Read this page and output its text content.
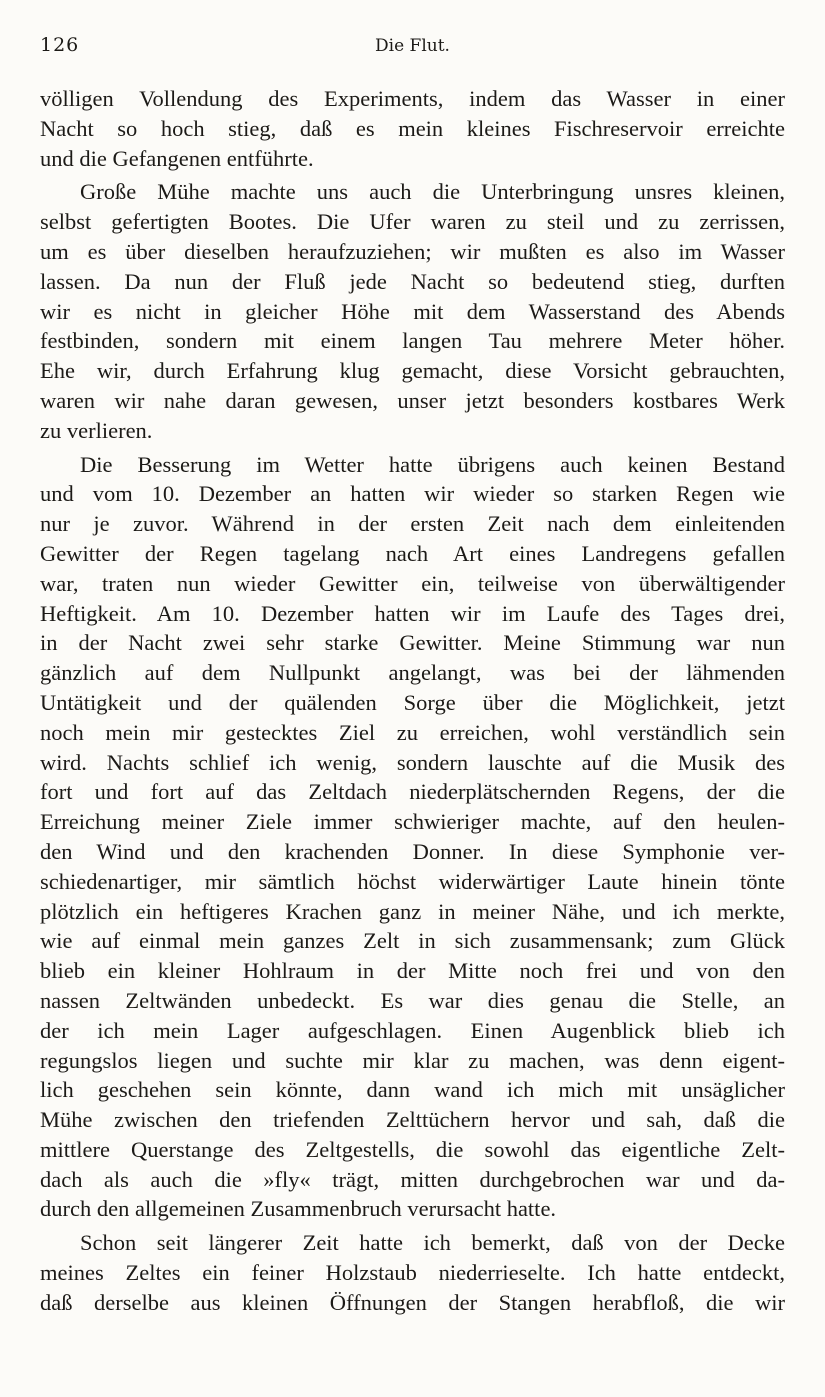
126	Die Flut.
völligen Vollendung des Experiments, indem das Wasser in einer
Nacht so hoch stieg, daß es mein kleines Fischreservoir erreichte
und die Gefangenen entführte.
Große Mühe machte uns auch die Unterbringung unsres kleinen,
selbst gefertigten Bootes. Die Ufer waren zu steil und zu zerrissen,
um es über dieselben heraufzuziehen; wir mußten es also im Wasser
lassen. Da nun der Fluß jede Nacht so bedeutend stieg, durften
wir es nicht in gleicher Höhe mit dem Wasserstand des Abends
festbinden, sondern mit einem langen Tau mehrere Meter höher.
Ehe wir, durch Erfahrung klug gemacht, diese Vorsicht gebrauchten,
waren wir nahe daran gewesen, unser jetzt besonders kostbares Werk
zu verlieren.
Die Besserung im Wetter hatte übrigens auch keinen Bestand
und vom 10. Dezember an hatten wir wieder so starken Regen wie
nur je zuvor. Während in der ersten Zeit nach dem einleitenden
Gewitter der Regen tagelang nach Art eines Landregens gefallen
war, traten nun wieder Gewitter ein, teilweise von überwältigender
Heftigkeit. Am 10. Dezember hatten wir im Laufe des Tages drei,
in der Nacht zwei sehr starke Gewitter. Meine Stimmung war nun
gänzlich auf dem Nullpunkt angelangt, was bei der lähmenden
Untätigkeit und der quälenden Sorge über die Möglichkeit, jetzt
noch mein mir gestecktes Ziel zu erreichen, wohl verständlich sein
wird. Nachts schlief ich wenig, sondern lauschte auf die Musik des
fort und fort auf das Zeltdach niederplätschernden Regens, der die
Erreichung meiner Ziele immer schwieriger machte, auf den heulen-
den Wind und den krachenden Donner. In diese Symphonie ver-
schiedenartiger, mir sämtlich höchst widerwärtiger Laute hinein tönte
plötzlich ein heftigeres Krachen ganz in meiner Nähe, und ich merkte,
wie auf einmal mein ganzes Zelt in sich zusammensank; zum Glück
blieb ein kleiner Hohlraum in der Mitte noch frei und von den
nassen Zeltwänden unbedeckt. Es war dies genau die Stelle, an
der ich mein Lager aufgeschlagen. Einen Augenblick blieb ich
regungslos liegen und suchte mir klar zu machen, was denn eigent-
lich geschehen sein könnte, dann wand ich mich mit unsäglicher
Mühe zwischen den triefenden Zelttüchern hervor und sah, daß die
mittlere Querstange des Zeltgestells, die sowohl das eigentliche Zelt-
dach als auch die »fly« trägt, mitten durchgebrochen war und da-
durch den allgemeinen Zusammenbruch verursacht hatte.
Schon seit längerer Zeit hatte ich bemerkt, daß von der Decke
meines Zeltes ein feiner Holzstaub niederrieselte. Ich hatte entdeckt,
daß derselbe aus kleinen Öffnungen der Stangen herabfloß, die wir
